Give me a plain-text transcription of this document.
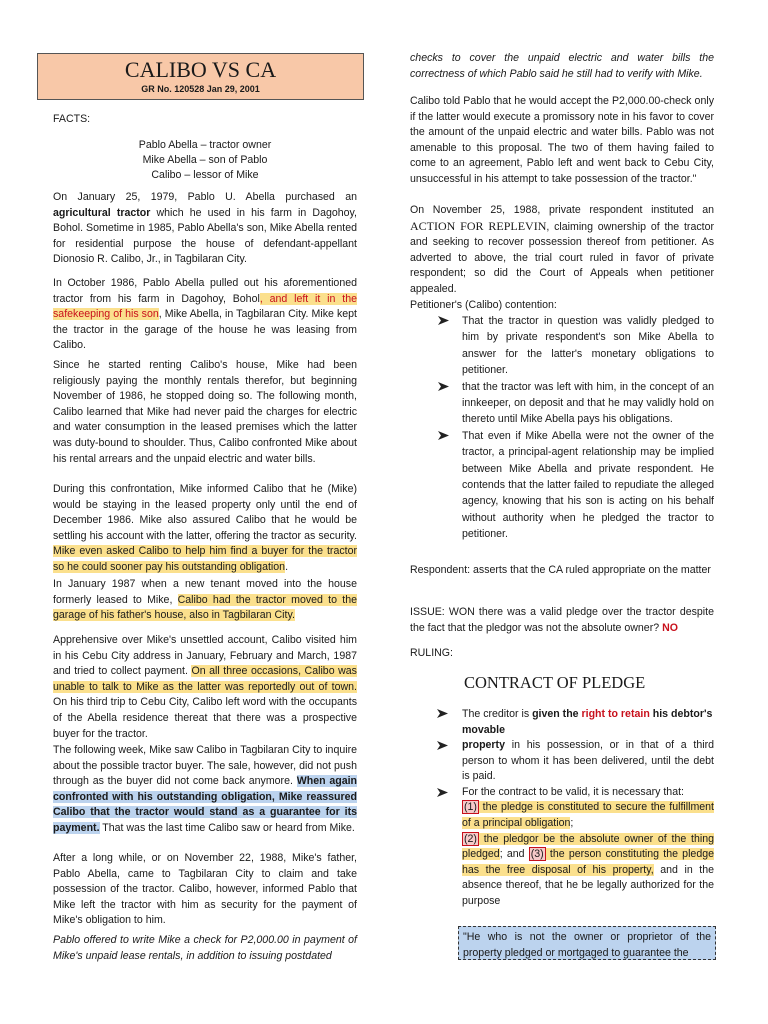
CALIBO VS CA
GR No. 120528 Jan 29, 2001

FACTS:

Pablo Abella – tractor owner
Mike Abella – son of Pablo
Calibo – lessor of Mike

On January 25, 1979, Pablo U. Abella purchased an agricultural tractor which he used in his farm in Dagohoy, Bohol. Sometime in 1985, Pablo Abella's son, Mike Abella rented for residential purpose the house of defendant-appellant Dionosio R. Calibo, Jr., in Tagbilaran City.

In October 1986, Pablo Abella pulled out his aforementioned tractor from his farm in Dagohoy, Bohol, and left it in the safekeeping of his son, Mike Abella, in Tagbilaran City. Mike kept the tractor in the garage of the house he was leasing from Calibo.

Since he started renting Calibo's house, Mike had been religiously paying the monthly rentals therefor, but beginning November of 1986, he stopped doing so. The following month, Calibo learned that Mike had never paid the charges for electric and water consumption in the leased premises which the latter was duty-bound to shoulder. Thus, Calibo confronted Mike about his rental arrears and the unpaid electric and water bills.

During this confrontation, Mike informed Calibo that he (Mike) would be staying in the leased property only until the end of December 1986. Mike also assured Calibo that he would be settling his account with the latter, offering the tractor as security. Mike even asked Calibo to help him find a buyer for the tractor so he could sooner pay his outstanding obligation.

In January 1987 when a new tenant moved into the house formerly leased to Mike, Calibo had the tractor moved to the garage of his father's house, also in Tagbilaran City.

Apprehensive over Mike's unsettled account, Calibo visited him in his Cebu City address in January, February and March, 1987 and tried to collect payment. On all three occasions, Calibo was unable to talk to Mike as the latter was reportedly out of town. On his third trip to Cebu City, Calibo left word with the occupants of the Abella residence thereat that there was a prospective buyer for the tractor.

The following week, Mike saw Calibo in Tagbilaran City to inquire about the possible tractor buyer. The sale, however, did not push through as the buyer did not come back anymore. When again confronted with his outstanding obligation, Mike reassured Calibo that the tractor would stand as a guarantee for its payment. That was the last time Calibo saw or heard from Mike.

After a long while, or on November 22, 1988, Mike's father, Pablo Abella, came to Tagbilaran City to claim and take possession of the tractor. Calibo, however, informed Pablo that Mike left the tractor with him as security for the payment of Mike's obligation to him.

Pablo offered to write Mike a check for P2,000.00 in payment of Mike's unpaid lease rentals, in addition to issuing postdated

checks to cover the unpaid electric and water bills the correctness of which Pablo said he still had to verify with Mike.

Calibo told Pablo that he would accept the P2,000.00-check only if the latter would execute a promissory note in his favor to cover the amount of the unpaid electric and water bills. Pablo was not amenable to this proposal. The two of them having failed to come to an agreement, Pablo left and went back to Cebu City, unsuccessful in his attempt to take possession of the tractor."

On November 25, 1988, private respondent instituted an ACTION FOR REPLEVIN, claiming ownership of the tractor and seeking to recover possession thereof from petitioner. As adverted to above, the trial court ruled in favor of private respondent; so did the Court of Appeals when petitioner appealed.

Petitioner's (Calibo) contention:

That the tractor in question was validly pledged to him by private respondent's son Mike Abella to answer for the latter's monetary obligations to petitioner.
that the tractor was left with him, in the concept of an innkeeper, on deposit and that he may validly hold on thereto until Mike Abella pays his obligations.
That even if Mike Abella were not the owner of the tractor, a principal-agent relationship may be implied between Mike Abella and private respondent. He contends that the latter failed to repudiate the alleged agency, knowing that his son is acting on his behalf without authority when he pledged the tractor to petitioner.

Respondent: asserts that the CA ruled appropriate on the matter

ISSUE: WON there was a valid pledge over the tractor despite the fact that the pledgor was not the absolute owner? NO

RULING:

The creditor is given the right to retain his debtor's movable
property in his possession, or in that of a third person to whom it has been delivered, until the debt is paid.
For the contract to be valid, it is necessary that:
(1) the pledge is constituted to secure the fulfillment of a principal obligation;
(2) the pledgor be the absolute owner of the thing pledged; and (3) the person constituting the pledge has the free disposal of his property, and in the absence thereof, that he be legally authorized for the purpose
CONTRACT OF PLEDGE
"He who is not the owner or proprietor of the property pledged or mortgaged to guarantee the
